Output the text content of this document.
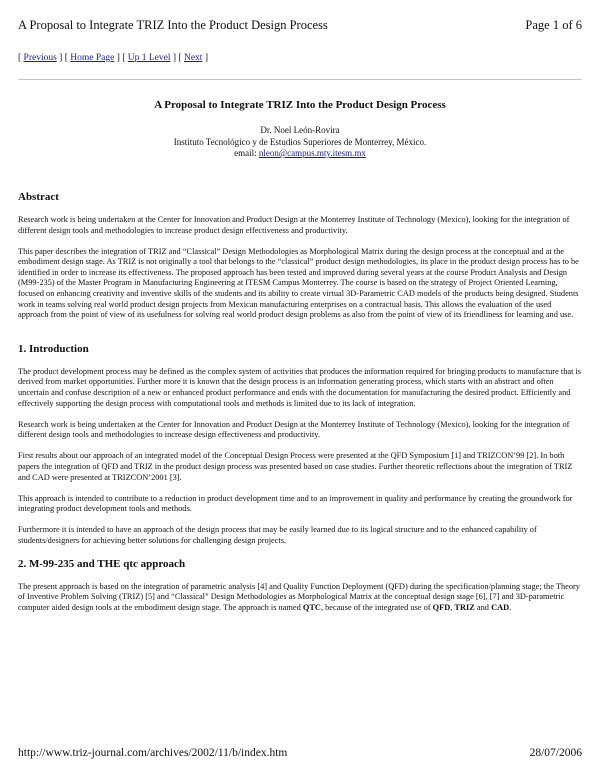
A Proposal to Integrate TRIZ Into the Product Design Process	Page 1 of 6
[ Previous ] [ Home Page ] [ Up 1 Level ] [ Next ]
A Proposal to Integrate TRIZ Into the Product Design Process
Dr. Noel León-Rovira
Instituto Tecnológico y de Estudios Superiores de Monterrey, México.
email: nleon@campus.mty.itesm.mx
Abstract

Research work is being undertaken at the Center for Innovation and Product Design at the Monterrey Institute of Technology (Mexico), looking for the integration of different design tools and methodologies to increase product design effectiveness and productivity.

This paper describes the integration of TRIZ and “Classical” Design Methodologies as Morphological Matrix during the design process at the conceptual and at the embodiment design stage. As TRIZ is not originally a tool that belongs to the “classical” product design methodologies, its place in the product design process has to be identified in order to increase its effectiveness. The proposed approach has been tested and improved during several years at the course Product Analysis and Design (M99-235) of the Master Program in Manufacturing Engineering at ITESM Campus Monterrey. The course is based on the strategy of Project Oriented Learning, focused on enhancing creativity and inventive skills of the students and its ability to create virtual 3D-Parametric CAD models of the products being designed. Students work in teams solving real world product design projects from Mexican manufacturing enterprises on a contractual basis. This allows the evaluation of the used approach from the point of view of its usefulness for solving real world product design problems as also from the point of view of its friendliness for learning and use.

1. Introduction

The product development process may be defined as the complex system of activities that produces the information required for bringing products to manufacture that is derived from market opportunities. Further more it is known that the design process is an information generating process, which starts with an abstract and often uncertain and confuse description of a new or enhanced product performance and ends with the documentation for manufacturing the desired product. Efficiently and effectively supporting the design process with computational tools and methods is limited due to its lack of integration.

Research work is being undertaken at the Center for Innovation and Product Design at the Monterrey Institute of Technology (Mexico), looking for the integration of different design tools and methodologies to increase design effectiveness and productivity.

First results about our approach of an integrated model of the Conceptual Design Process were presented at the QFD Symposium [1] and TRIZCON’99 [2]. In both papers the integration of QFD and TRIZ in the product design process was presented based on case studies. Further theoretic reflections about the integration of TRIZ and CAD were presented at TRIZCON’2001 [3].

This approach is intended to contribute to a reduction in product development time and to an improvement in quality and performance by creating the groundwork for integrating product development tools and methods.

Furthermore it is intended to have an approach of the design process that may be easily learned due to its logical structure and to the enhanced capability of students/designers for achieving better solutions for challenging design projects.

2. M-99-235 and THE qtc approach

The present approach is based on the integration of parametric analysis [4] and Quality Function Deployment (QFD) during the specification/planning stage; the Theory of Inventive Problem Solving (TRIZ) [5] and “Classical” Design Methodologies as Morphological Matrix at the conceptual design stage [6], [7] and 3D-parametric computer aided design tools at the embodiment design stage. The approach is named QTC, because of the integrated use of QFD, TRIZ and CAD.

http://www.triz-journal.com/archives/2002/11/b/index.htm	28/07/2006
